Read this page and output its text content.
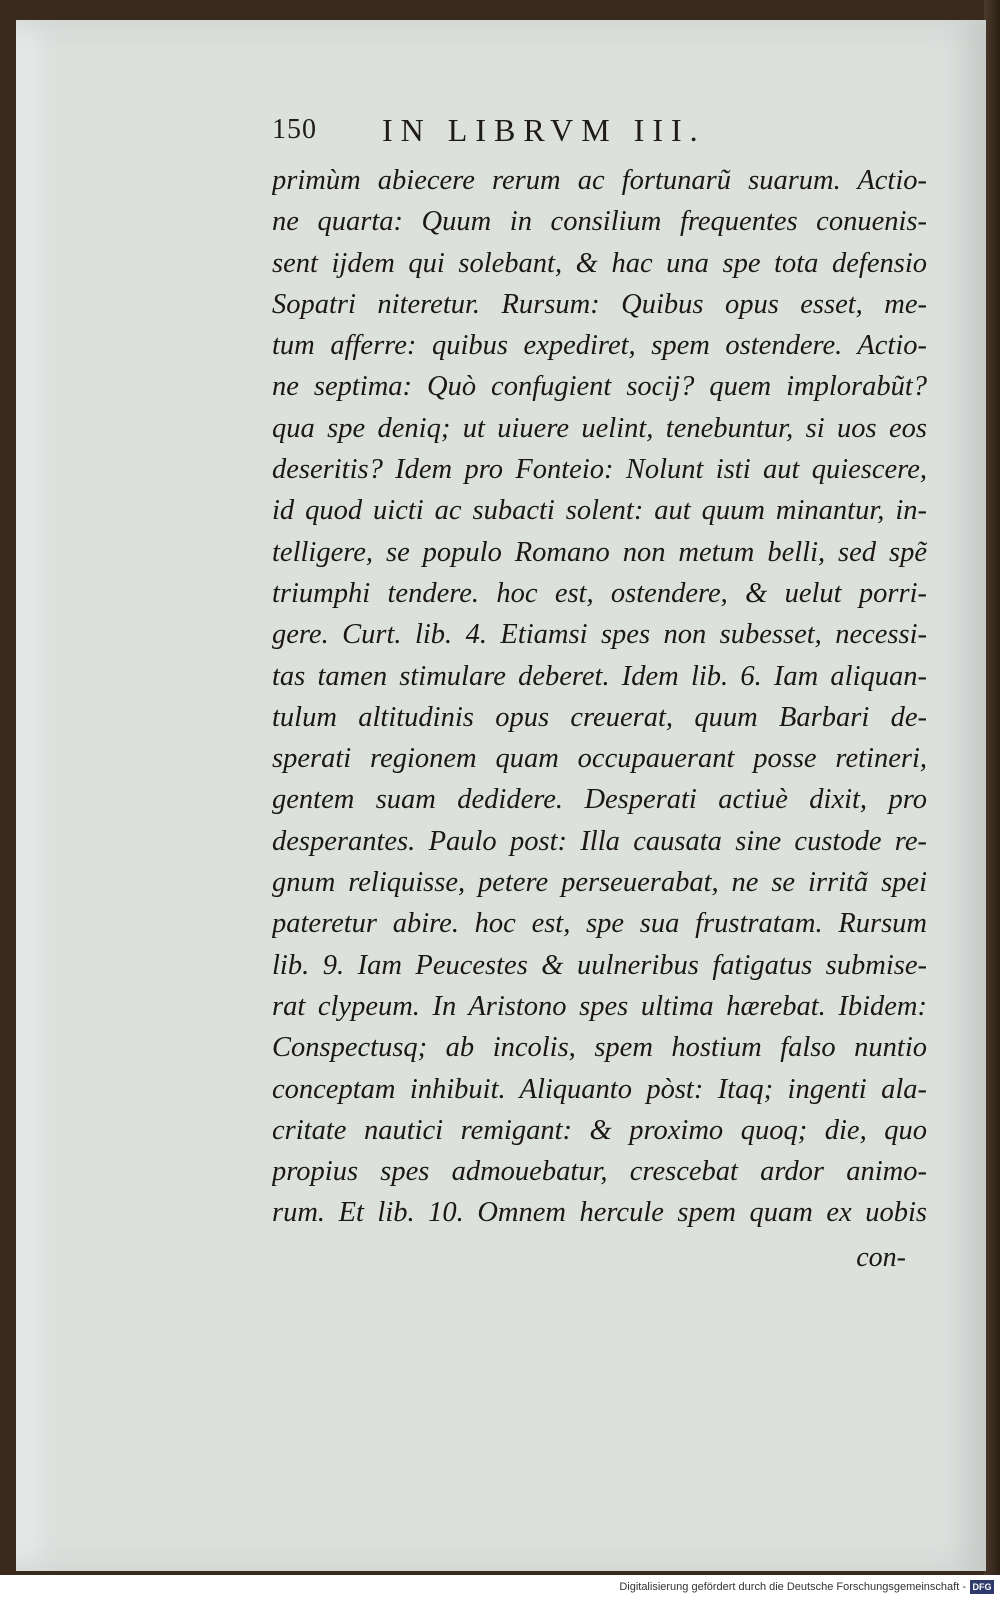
150 IN LIBRVM III.
primùm abiecere rerum ac fortunarũ suarum. Actio-
ne quarta: Quum in consilium frequentes conuenis-
sent ijdem qui solebant, & hac una spe tota defensio
Sopatri niteretur. Rursum: Quibus opus esset, me-
tum afferre: quibus expediret, spem ostendere. Actio-
ne septima: Quò confugient socij? quem implorabũt?
qua spe deniq; ut uiuere uelint, tenebuntur, si uos eos
deseritis? Idem pro Fonteio: Nolunt isti aut quiescere,
id quod uicti ac subacti solent: aut quum minantur, in-
telligere, se populo Romano non metum belli, sed spẽ
triumphi tendere. hoc est, ostendere, & uelut porri-
gere. Curt. lib. 4. Etiamsi spes non subesset, necessi-
tas tamen stimulare deberet. Idem lib. 6. Iam aliquan-
tulum altitudinis opus creuerat, quum Barbari de-
sperati regionem quam occupauerant posse retineri,
gentem suam dedidere. Desperati actiuè dixit, pro
desperantes. Paulo post: Illa causata sine custode re-
gnum reliquisse, petere perseuerabat, ne se irritã spei
pateretur abire. hoc est, spe sua frustratam. Rursum
lib. 9. Iam Peucestes & uulneribus fatigatus submise-
rat clypeum. In Aristono spes ultima hærebat. Ibidem:
Conspectusq; ab incolis, spem hostium falso nuntio
conceptam inhibuit. Aliquanto pòst: Itaq; ingenti ala-
critate nautici remigant: & proximo quoq; die, quo
propius spes admouebatur, crescebat ardor animo-
rum. Et lib. 10. Omnem hercule spem quam ex uobis
con-
Digitalisierung gefördert durch die Deutsche Forschungsgemeinschaft - DFG
